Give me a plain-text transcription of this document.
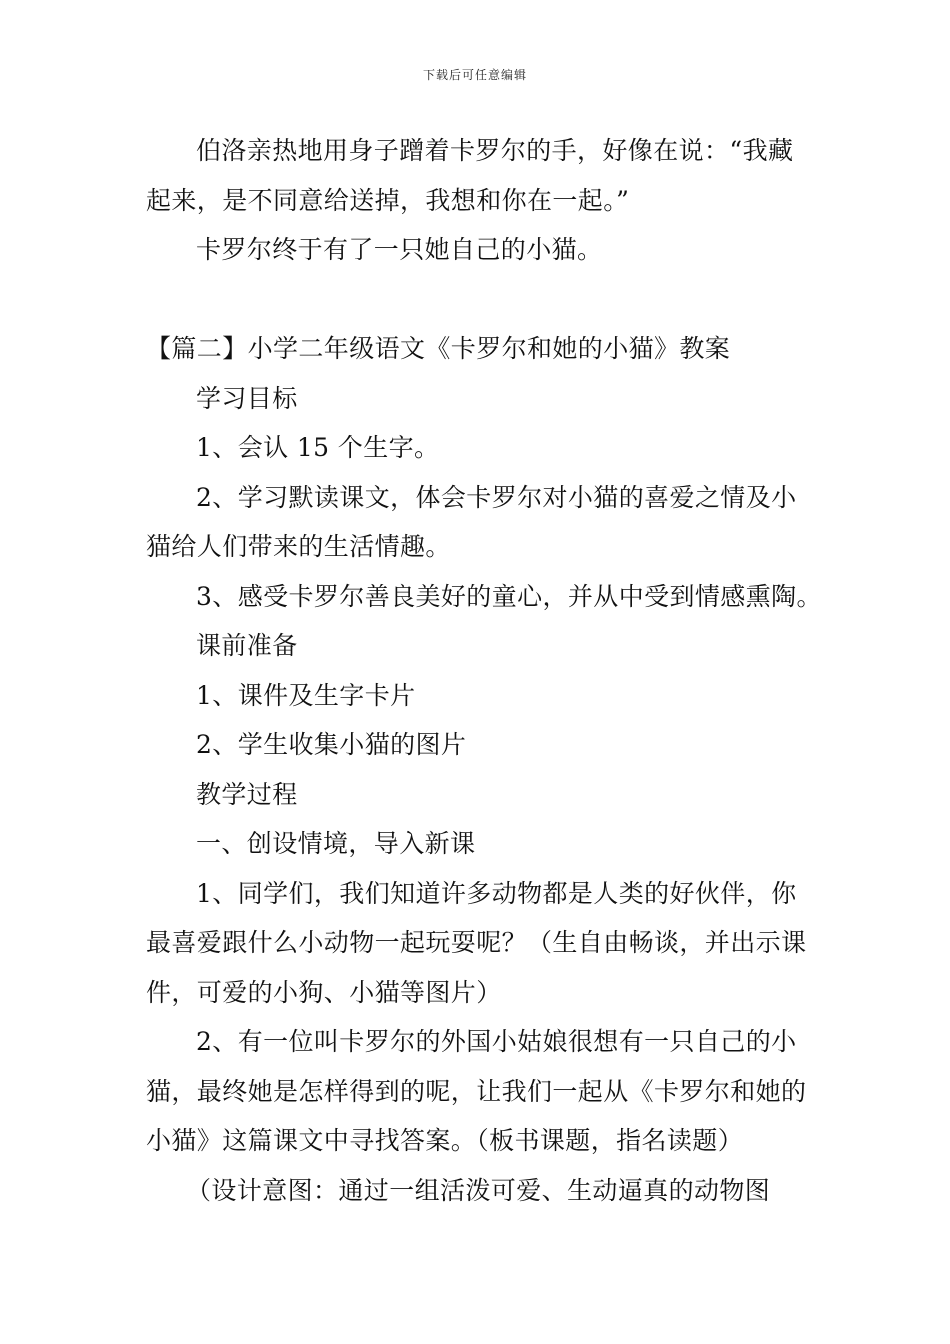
下载后可任意编辑

伯洛亲热地用身子蹭着卡罗尔的手，好像在说：“我藏起来，是不同意给送掉，我想和你在一起。”

卡罗尔终于有了一只她自己的小猫。

【篇二】小学二年级语文《卡罗尔和她的小猫》教案

学习目标

1、会认 15 个生字。

2、学习默读课文，体会卡罗尔对小猫的喜爱之情及小猫给人们带来的生活情趣。

3、感受卡罗尔善良美好的童心，并从中受到情感熏陶。

课前准备

1、课件及生字卡片

2、学生收集小猫的图片

教学过程

一、创设情境，导入新课

1、同学们，我们知道许多动物都是人类的好伙伴，你最喜爱跟什么小动物一起玩耍呢？（生自由畅谈，并出示课件，可爱的小狗、小猫等图片）

2、有一位叫卡罗尔的外国小姑娘很想有一只自己的小猫，最终她是怎样得到的呢，让我们一起从《卡罗尔和她的小猫》这篇课文中寻找答案。（板书课题，指名读题）

（设计意图：通过一组活泼可爱、生动逼真的动物图
